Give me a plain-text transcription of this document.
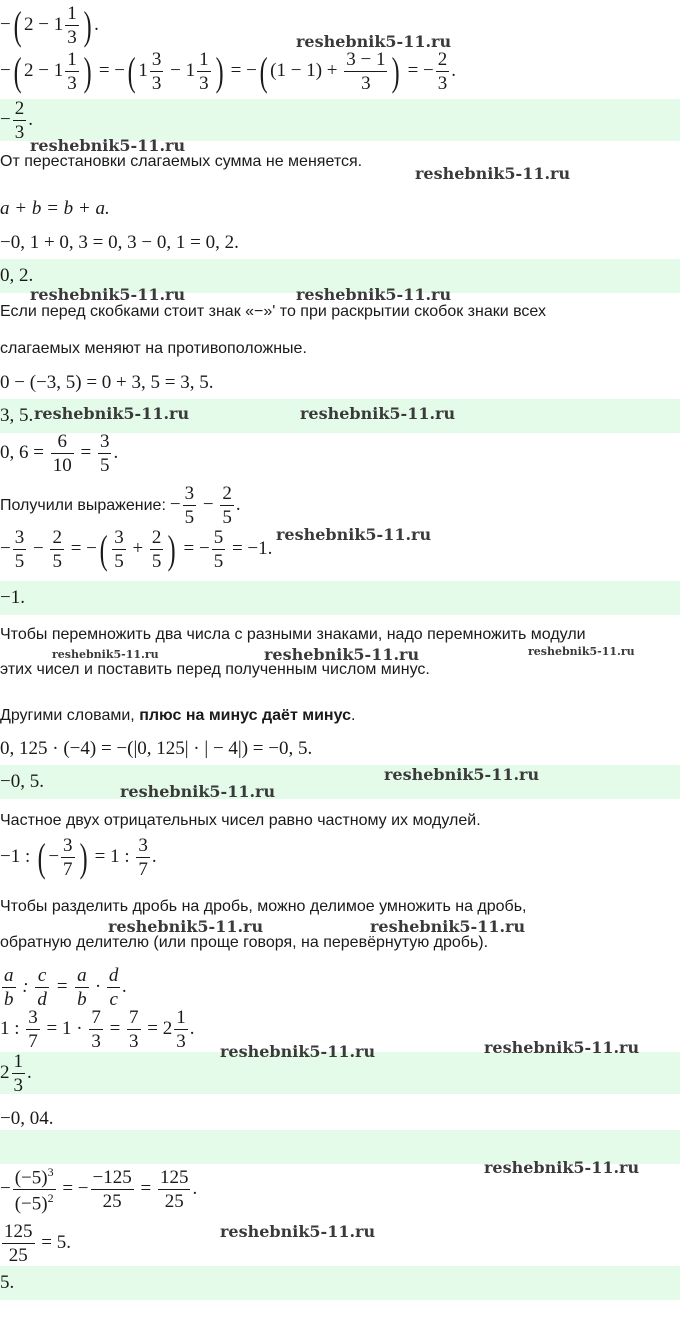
−( $2 - 1 \frac{1}{3}$ ) .
−( $2 - 1 \frac{1}{3}$ ) = −( $1 \frac{3}{3} - 1 \frac{1}{3}$ ) = −( $(1 - 1) + \frac{3 - 1}{3}$ ) = − $\frac{2}{3}$ .
− $\frac{2}{3}$ .
От перестановки слагаемых сумма не меняется.
a + b = b + a.
−0, 1 + 0, 3 = 0, 3 − 0, 1 = 0, 2.
0, 2.
Если перед скобками стоит знак «−»' то при раскрытии скобок знаки всех
слагаемых меняют на противоположные.
0 − (−3, 5) = 0 + 3, 5 = 3, 5.
3, 5.
0, $6 = \frac{6}{10} = \frac{3}{5}$ .
Получили выражение: − $\frac{3}{5} - \frac{2}{5}$ .
− $\frac{3}{5} - \frac{2}{5}$ = −( $\frac{3}{5} + \frac{2}{5}$ ) = − $\frac{5}{5} = -1$.
−1.
Чтобы перемножить два числа с разными знаками, надо перемножить модули
этих чисел и поставить перед полученным числом минус.
Другими словами, плюс на минус даёт минус.
0, 125 · (−4) = −(|0, 125| · | − 4|) = −0, 5.
−0, 5.
Частное двух отрицательных чисел равно частному их модулей.
−1 : ( − $\frac{3}{7}$ ) = 1 : $\frac{3}{7}$ .
Чтобы разделить дробь на дробь, можно делимое умножить на дробь,
обратную делителю (или проще говоря, на перевёрнутую дробь).
$\frac{a}{b}$ : $\frac{c}{d} = \frac{a}{b} \cdot \frac{d}{c}$ .
1 : $\frac{3}{7} = 1 \cdot \frac{7}{3} = \frac{7}{3} = 2 \frac{1}{3}$ .
$2 \frac{1}{3}$ .
−0, 04.
− $\frac{(-5)^3}{(-5)^2}$ = − $\frac{-125}{25} = \frac{125}{25}$ .
$\frac{125}{25} = 5$.
5.
reshebnik5-11.ru
reshebnik5-11.ru
reshebnik5-11.ru
reshebnik5-11.ru	reshebnik5-11.ru
reshebnik5-11.ru	reshebnik5-11.ru
reshebnik5-11.ru
reshebnik5-11.ru	reshebnik5-11.ru	reshebnik5-11.ru
reshebnik5-11.ru
reshebnik5-11.ru
reshebnik5-11.ru	reshebnik5-11.ru
reshebnik5-11.ru	reshebnik5-11.ru
reshebnik5-11.ru
reshebnik5-11.ru
